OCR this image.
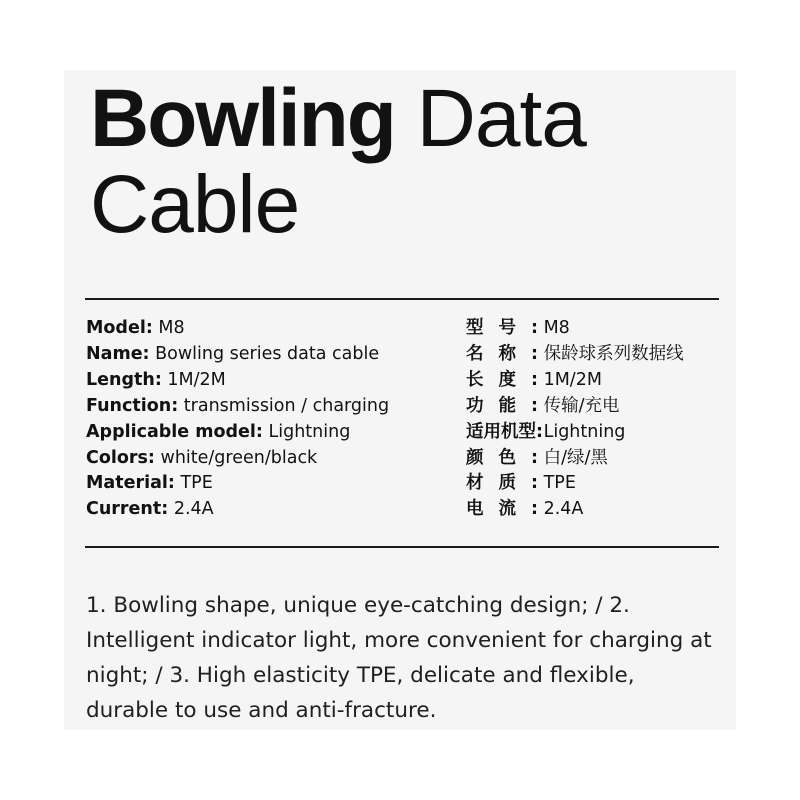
Bowling Data Cable
Model: M8
Name: Bowling series data cable
Length: 1M/2M
Function: transmission / charging
Applicable model: Lightning
Colors: white/green/black
Material: TPE
Current: 2.4A
型号: M8
名称: 保龄球系列数据线
长度: 1M/2M
功能: 传输/充电
适用机型: Lightning
颜色: 白/绿/黑
材质: TPE
电流: 2.4A

1. Bowling shape, unique eye-catching design; / 2. Intelligent indicator light, more convenient for charging at night; / 3. High elasticity TPE, delicate and flexible, durable to use and anti-fracture.
